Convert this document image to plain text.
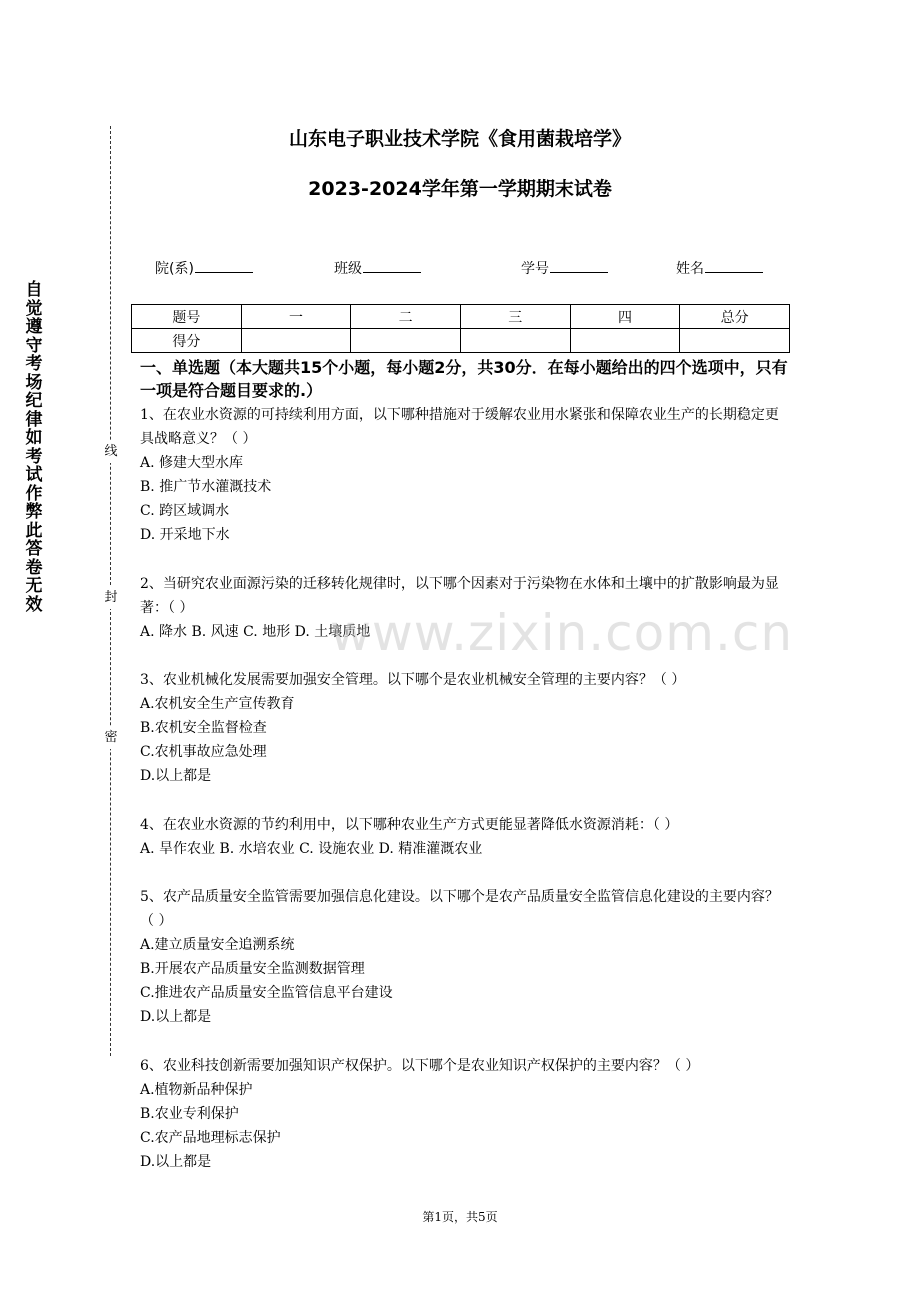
自
觉
遵
守
考
场
纪
律
如
考
试
作
弊
此
答
卷
无
效
线
封
密
山东电子职业技术学院《食用菌栽培学》
2023-2024学年第一学期期末试卷
院(系)	班级	学号	姓名
题号	一	二	三	四	总分
得分					
一、单选题（本大题共15个小题，每小题2分，共30分．在每小题给出的四个选项中，只有一项是符合题目要求的.）

1、在农业水资源的可持续利用方面，以下哪种措施对于缓解农业用水紧张和保障农业生产的长期稳定更具战略意义？（ ）

A. 修建大型水库

B. 推广节水灌溉技术

C. 跨区域调水

D. 开采地下水

2、当研究农业面源污染的迁移转化规律时，以下哪个因素对于污染物在水体和土壤中的扩散影响最为显著：（ ）

A. 降水 B. 风速 C. 地形 D. 土壤质地

3、农业机械化发展需要加强安全管理。以下哪个是农业机械安全管理的主要内容？（ ）

A.农机安全生产宣传教育

B.农机安全监督检查

C.农机事故应急处理

D.以上都是

4、在农业水资源的节约利用中，以下哪种农业生产方式更能显著降低水资源消耗：（ ）

A. 旱作农业 B. 水培农业 C. 设施农业 D. 精准灌溉农业

5、农产品质量安全监管需要加强信息化建设。以下哪个是农产品质量安全监管信息化建设的主要内容？（ ）

A.建立质量安全追溯系统

B.开展农产品质量安全监测数据管理

C.推进农产品质量安全监管信息平台建设

D.以上都是

6、农业科技创新需要加强知识产权保护。以下哪个是农业知识产权保护的主要内容？（ ）

A.植物新品种保护

B.农业专利保护

C.农产品地理标志保护

D.以上都是

www.zixin.com.cn
第1页，共5页
